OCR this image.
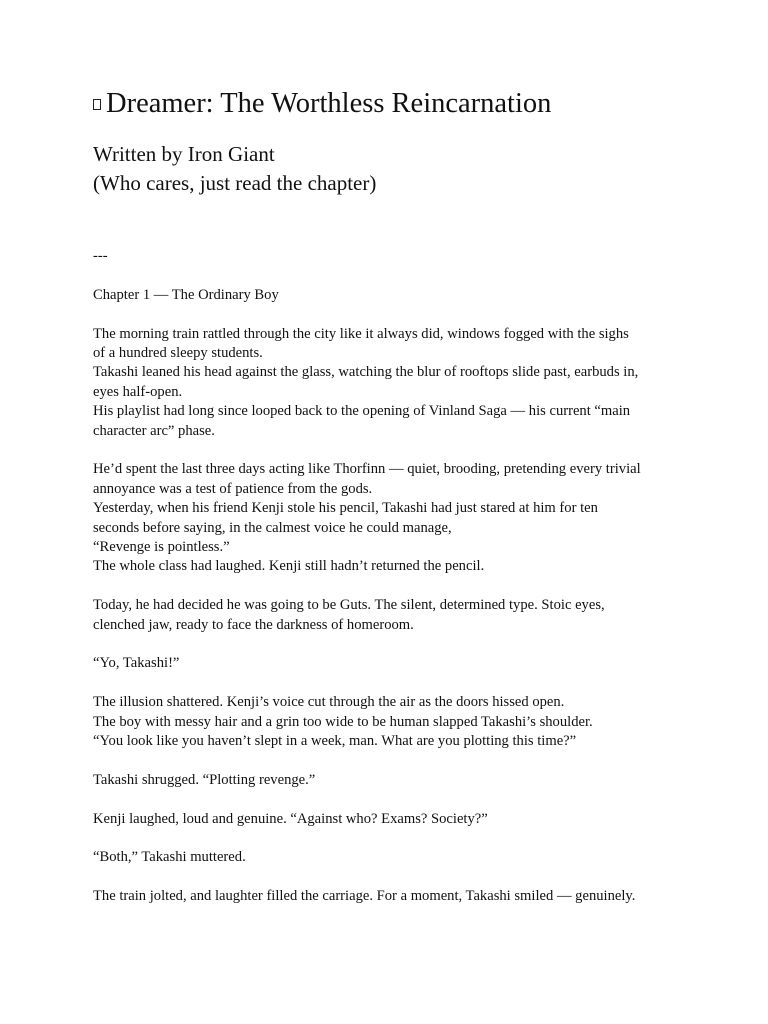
Dreamer: The Worthless Reincarnation
Written by Iron Giant
(Who cares, just read the chapter)
---
Chapter 1 — The Ordinary Boy

The morning train rattled through the city like it always did, windows fogged with the sighs

of a hundred sleepy students.

Takashi leaned his head against the glass, watching the blur of rooftops slide past, earbuds in,

eyes half-open.

His playlist had long since looped back to the opening of Vinland Saga — his current “main

character arc” phase.

He’d spent the last three days acting like Thorfinn — quiet, brooding, pretending every trivial

annoyance was a test of patience from the gods.

Yesterday, when his friend Kenji stole his pencil, Takashi had just stared at him for ten

seconds before saying, in the calmest voice he could manage,

“Revenge is pointless.”

The whole class had laughed. Kenji still hadn’t returned the pencil.

Today, he had decided he was going to be Guts. The silent, determined type. Stoic eyes,

clenched jaw, ready to face the darkness of homeroom.

“Yo, Takashi!”

The illusion shattered. Kenji’s voice cut through the air as the doors hissed open.

The boy with messy hair and a grin too wide to be human slapped Takashi’s shoulder.

“You look like you haven’t slept in a week, man. What are you plotting this time?”

Takashi shrugged. “Plotting revenge.”

Kenji laughed, loud and genuine. “Against who? Exams? Society?”

“Both,” Takashi muttered.

The train jolted, and laughter filled the carriage. For a moment, Takashi smiled — genuinely.
